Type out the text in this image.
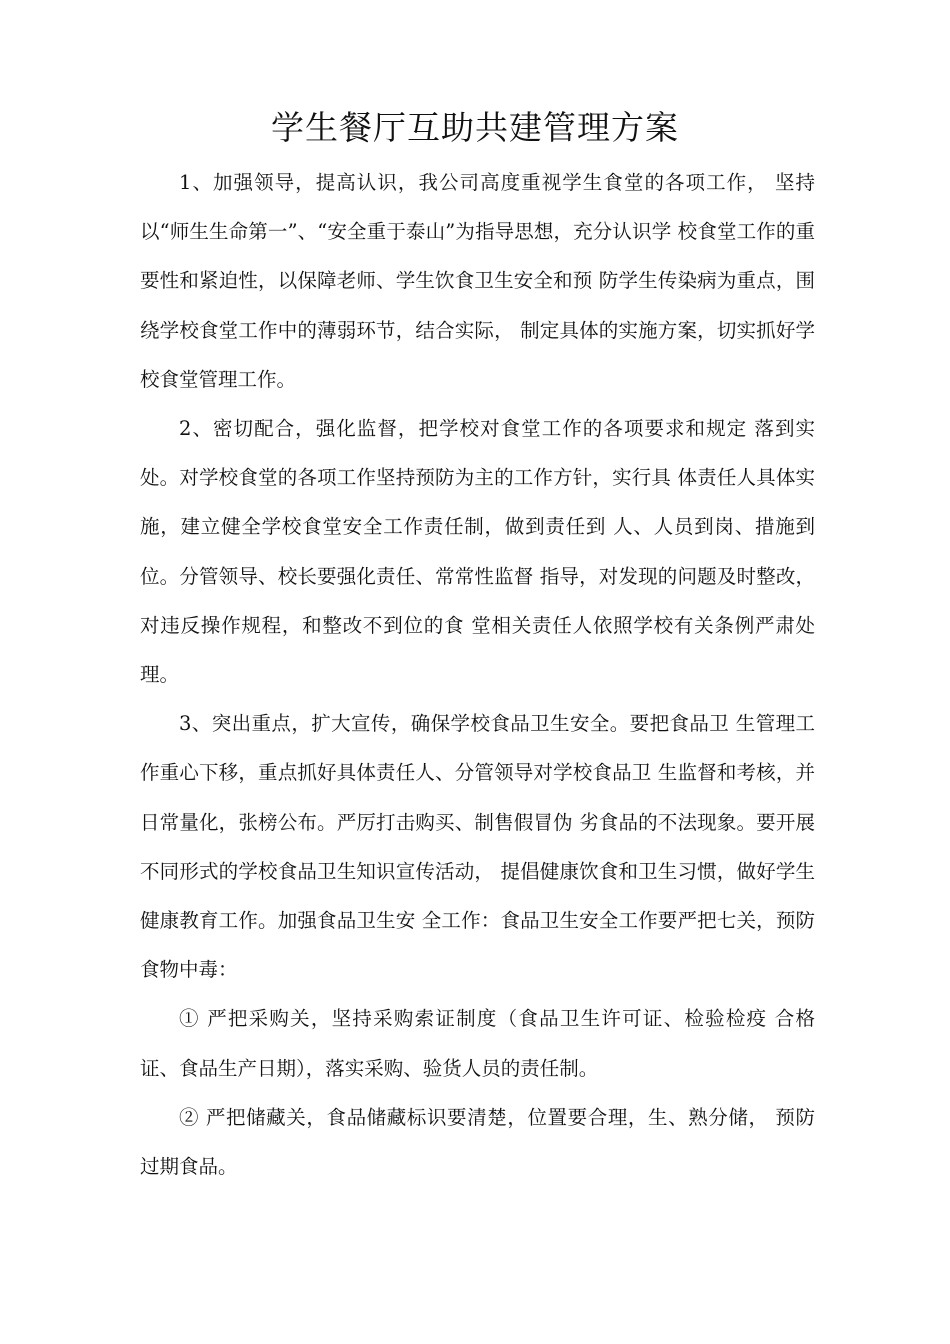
学生餐厅互助共建管理方案

1、加强领导，提高认识，我公司高度重视学生食堂的各项工作， 坚持以“师生生命第一”、“安全重于泰山”为指导思想，充分认识学 校食堂工作的重要性和紧迫性，以保障老师、学生饮食卫生安全和预 防学生传染病为重点，围绕学校食堂工作中的薄弱环节，结合实际， 制定具体的实施方案，切实抓好学校食堂管理工作。

2、密切配合，强化监督，把学校对食堂工作的各项要求和规定 落到实处。对学校食堂的各项工作坚持预防为主的工作方针，实行具 体责任人具体实施，建立健全学校食堂安全工作责任制，做到责任到 人、人员到岗、措施到位。分管领导、校长要强化责任、常常性监督 指导，对发现的问题及时整改，对违反操作规程，和整改不到位的食 堂相关责任人依照学校有关条例严肃处理。

3、突出重点，扩大宣传，确保学校食品卫生安全。要把食品卫 生管理工作重心下移，重点抓好具体责任人、分管领导对学校食品卫 生监督和考核，并日常量化，张榜公布。严厉打击购买、制售假冒伪 劣食品的不法现象。要开展不同形式的学校食品卫生知识宣传活动， 提倡健康饮食和卫生习惯，做好学生健康教育工作。加强食品卫生安 全工作：食品卫生安全工作要严把七关，预防食物中毒：

① 严把采购关，坚持采购索证制度（食品卫生许可证、检验检疫 合格证、食品生产日期），落实采购、验货人员的责任制。

② 严把储藏关，食品储藏标识要清楚，位置要合理，生、熟分储， 预防过期食品。
